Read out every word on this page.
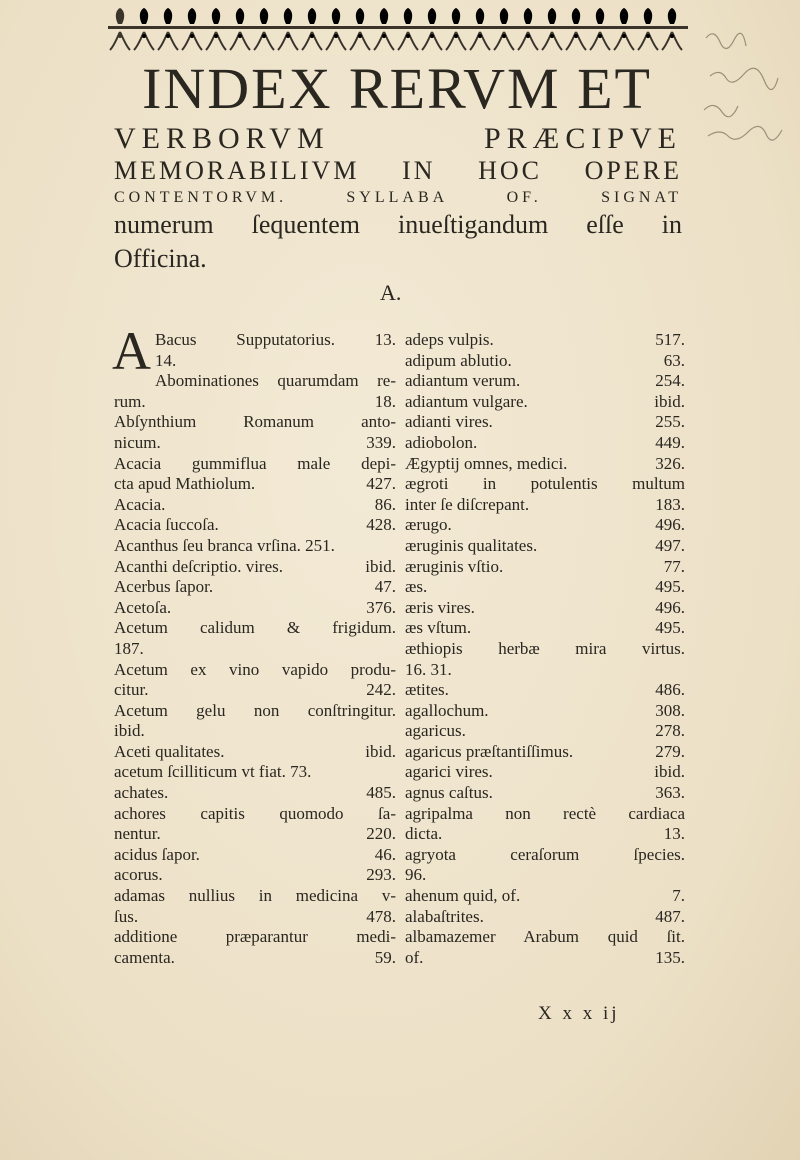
INDEX RERVM ET
VERBORVM PRÆCIPVE
MEMORABILIVM IN HOC OPERE
CONTENTORVM. SYLLABA OF. SIGNAT
numerum ſequentem inueſtigandum eſſe in
Officina.
A.
A Bacus Supputatorius. 13.
14.
Abominationes quarumdam re-
rum.	18.
Abſynthium Romanum anto-
nicum.	339.
Acacia gummiflua male depi-
cta apud Mathiolum.	427.
Acacia.	86.
Acacia ſuccoſa.	428.
Acanthus ſeu branca vrſina. 251.
Acanthi deſcriptio. vires.	ibid.
Acerbus ſapor.	47.
Acetoſa.	376.
Acetum calidum & frigidum.
187.
Acetum ex vino vapido produ-
citur.	242.
Acetum gelu non conſtringitur.
ibid.
Aceti qualitates.	ibid.
acetum ſcilliticum vt fiat. 73.
achates.	485.
achores capitis quomodo ſa-
nentur.	220.
acidus ſapor.	46.
acorus.	293.
adamas nullius in medicina v-
ſus.	478.
additione præparantur medi-
camenta.	59.
adeps vulpis.	517.
adipum ablutio.	63.
adiantum verum.	254.
adiantum vulgare.	ibid.
adianti vires.	255.
adiobolon.	449.
Ægyptij omnes, medici.	326.
ægroti in potulentis multum
inter ſe diſcrepant.	183.
ærugo.	496.
æruginis qualitates.	497.
æruginis vſtio.	77.
æs.	495.
æris vires.	496.
æs vſtum.	495.
æthiopis herbæ mira virtus.
16. 31.
ætites.	486.
agallochum.	308.
agaricus.	278.
agaricus præſtantiſſimus.	279.
agarici vires.	ibid.
agnus caſtus.	363.
agripalma non rectè cardiaca
dicta.	13.
agryota ceraſorum ſpecies.
96.
ahenum quid, of.	7.
alabaſtrites.	487.
albamazemer Arabum quid ſit.
of.	135.
X x x ij
